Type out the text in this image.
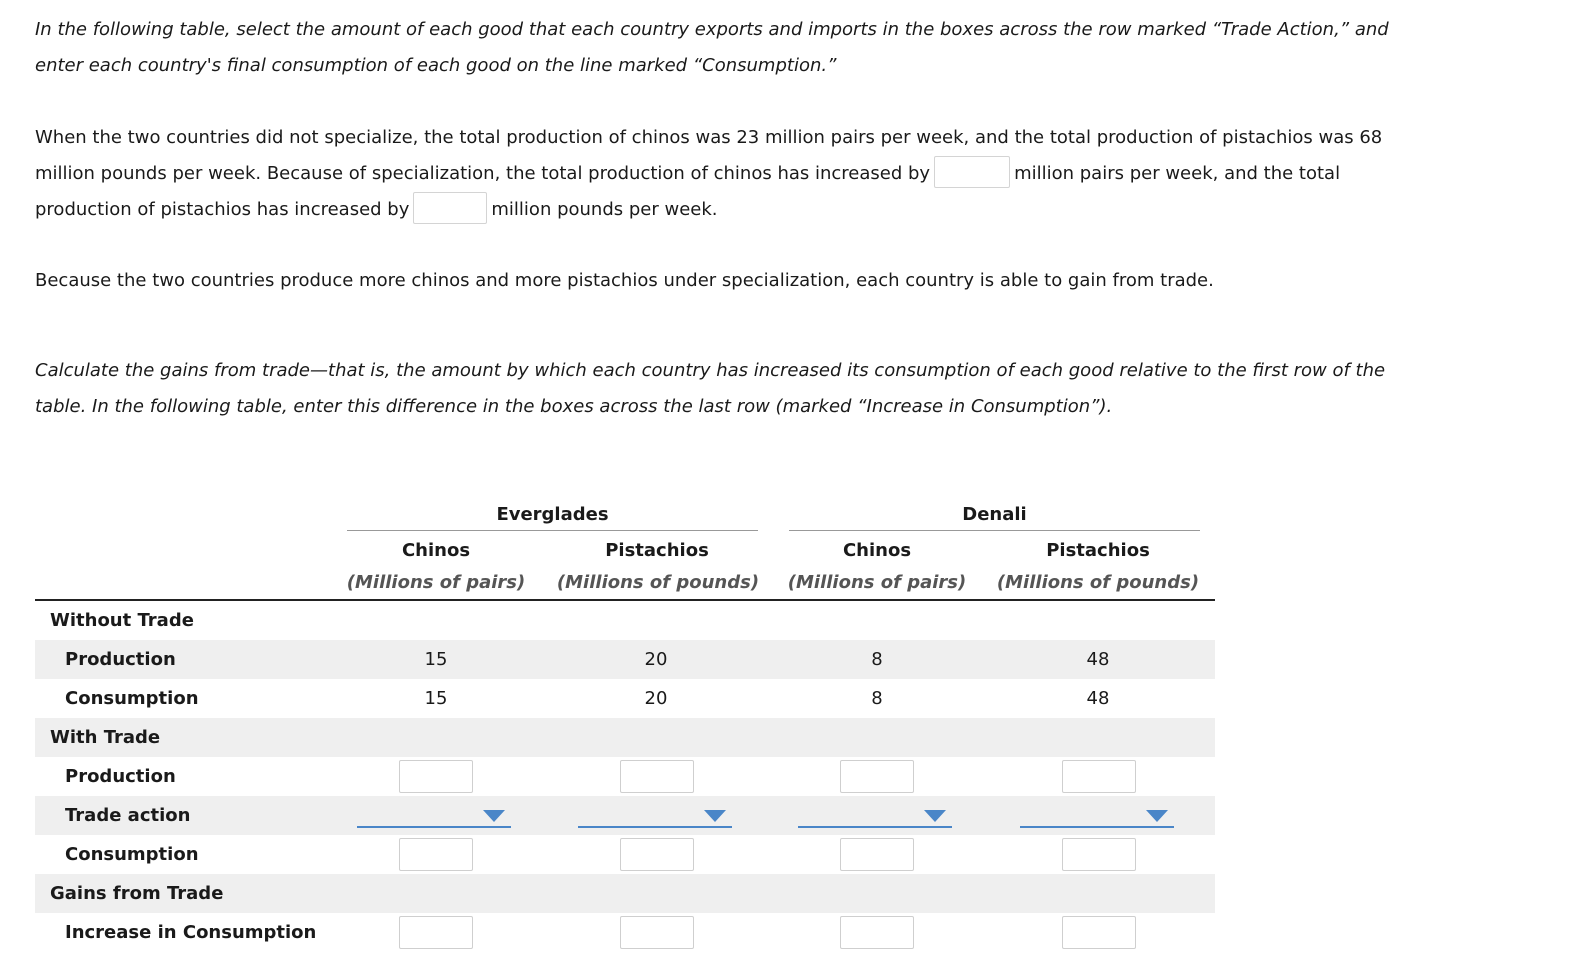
In the following table, select the amount of each good that each country exports and imports in the boxes across the row marked “Trade Action,” and
enter each country's final consumption of each good on the line marked “Consumption.”

When the two countries did not specialize, the total production of chinos was 23 million pairs per week, and the total production of pistachios was 68
million pounds per week. Because of specialization, the total production of chinos has increased by	million pairs per week, and the total
production of pistachios has increased by	million pounds per week.

Because the two countries produce more chinos and more pistachios under specialization, each country is able to gain from trade.

Calculate the gains from trade—that is, the amount by which each country has increased its consumption of each good relative to the first row of the
table. In the following table, enter this difference in the boxes across the last row (marked “Increase in Consumption”).

Everglades	Denali
Chinos	Pistachios	Chinos	Pistachios
(Millions of pairs)	(Millions of pounds)	(Millions of pairs)	(Millions of pounds)
Without Trade
Production	15	20	8	48
Consumption	15	20	8	48
With Trade
Production
Trade action
Consumption
Gains from Trade
Increase in Consumption
